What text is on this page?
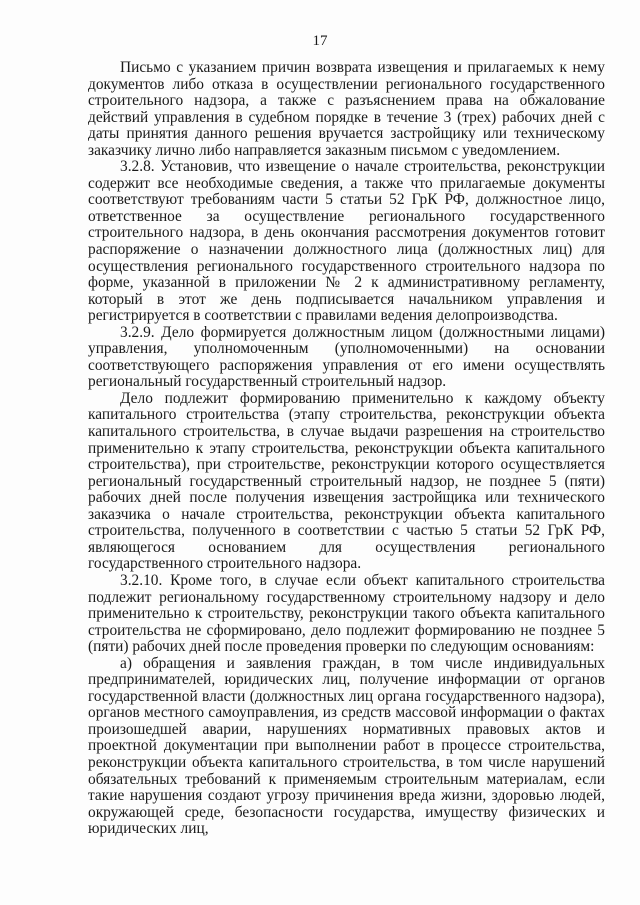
17

Письмо с указанием причин возврата извещения и прилагаемых к нему документов либо отказа в осуществлении регионального государственного строительного надзора, а также с разъяснением права на обжалование действий управления в судебном порядке в течение 3 (трех) рабочих дней с даты принятия данного решения вручается застройщику или техническому заказчику лично либо направляется заказным письмом с уведомлением.

3.2.8. Установив, что извещение о начале строительства, реконструкции содержит все необходимые сведения, а также что прилагаемые документы соответствуют требованиям части 5 статьи 52 ГрК РФ, должностное лицо, ответственное за осуществление регионального государственного строительного надзора, в день окончания рассмотрения документов готовит распоряжение о назначении должностного лица (должностных лиц) для осуществления регионального государственного строительного надзора по форме, указанной в приложении № 2 к административному регламенту, который в этот же день подписывается начальником управления и регистрируется в соответствии с правилами ведения делопроизводства.

3.2.9. Дело формируется должностным лицом (должностными лицами) управления, уполномоченным (уполномоченными) на основании соответствующего распоряжения управления от его имени осуществлять региональный государственный строительный надзор.

Дело подлежит формированию применительно к каждому объекту капитального строительства (этапу строительства, реконструкции объекта капитального строительства, в случае выдачи разрешения на строительство применительно к этапу строительства, реконструкции объекта капитального строительства), при строительстве, реконструкции которого осуществляется региональный государственный строительный надзор, не позднее 5 (пяти) рабочих дней после получения извещения застройщика или технического заказчика о начале строительства, реконструкции объекта капитального строительства, полученного в соответствии с частью 5 статьи 52 ГрК РФ, являющегося основанием для осуществления регионального государственного строительного надзора.

3.2.10. Кроме того, в случае если объект капитального строительства подлежит региональному государственному строительному надзору и дело применительно к строительству, реконструкции такого объекта капитального строительства не сформировано, дело подлежит формированию не позднее 5 (пяти) рабочих дней после проведения проверки по следующим основаниям:

а) обращения и заявления граждан, в том числе индивидуальных предпринимателей, юридических лиц, получение информации от органов государственной власти (должностных лиц органа государственного надзора), органов местного самоуправления, из средств массовой информации о фактах произошедшей аварии, нарушениях нормативных правовых актов и проектной документации при выполнении работ в процессе строительства, реконструкции объекта капитального строительства, в том числе нарушений обязательных требований к применяемым строительным материалам, если такие нарушения создают угрозу причинения вреда жизни, здоровью людей, окружающей среде, безопасности государства, имуществу физических и юридических лиц,
